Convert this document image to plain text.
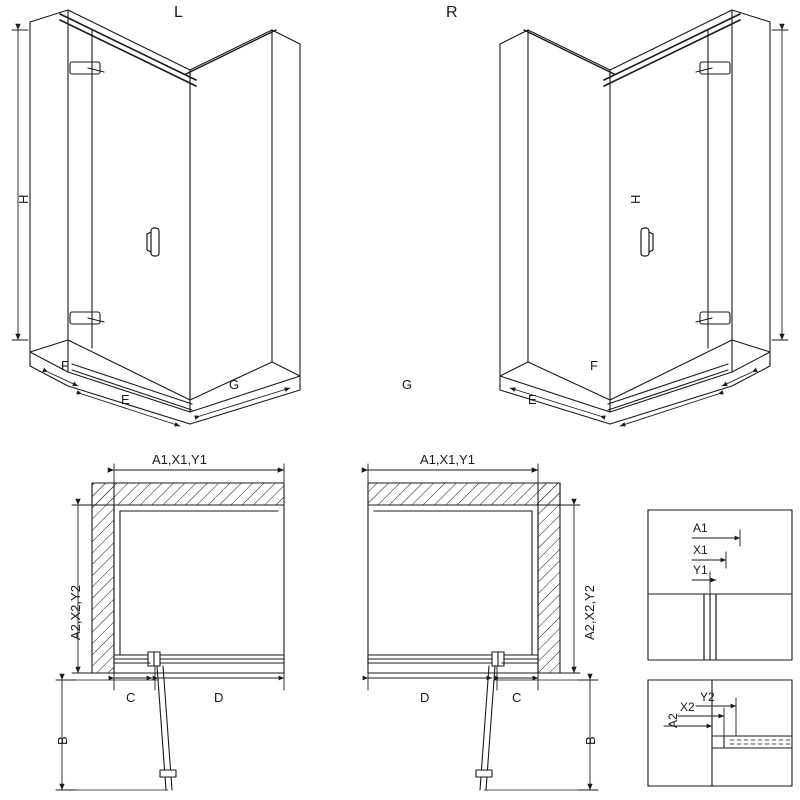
L	R
H
F
E
G
H
G
E
F
A1,X1,Y1
A2,X2,Y2
C	D
B
A1,X1,Y1
A2,X2,Y2
D	C
B
A1
X1
Y1
A2
X2
Y2
